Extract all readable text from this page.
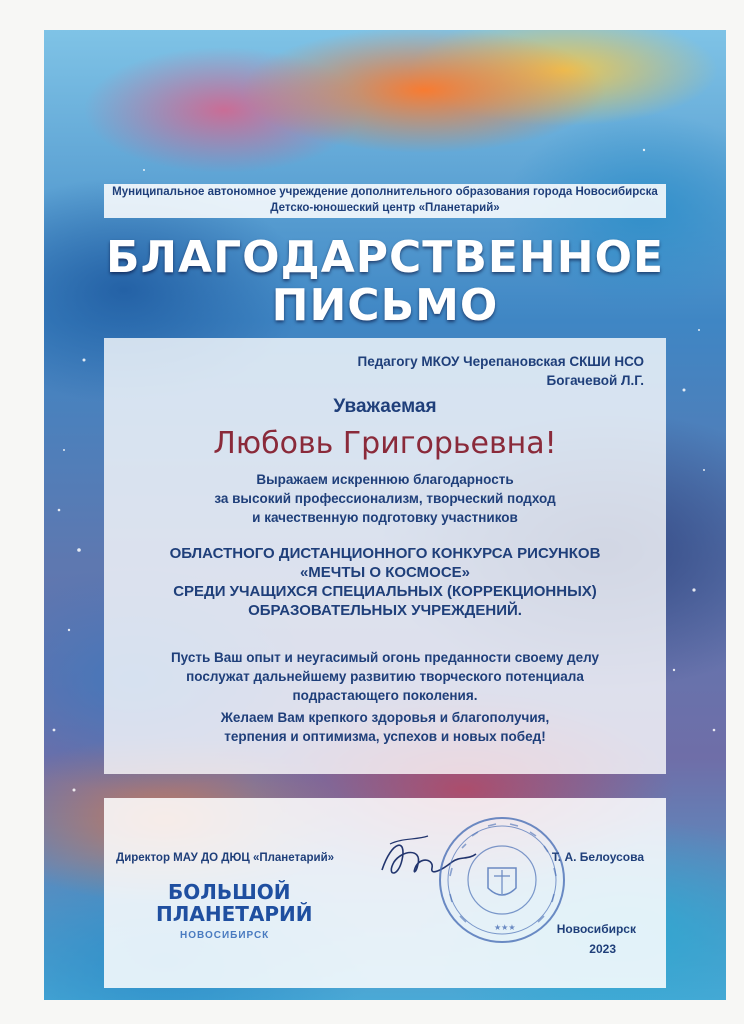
Муниципальное автономное учреждение дополнительного образования города Новосибирска
Детско-юношеский центр «Планетарий»
БЛАГОДАРСТВЕННОЕ
ПИСЬМО
Педагогу МКОУ Черепановская СКШИ НСО
Богачевой Л.Г.
Уважаемая
Любовь Григорьевна!
Выражаем искреннюю благодарность
за высокий профессионализм, творческий подход
и качественную подготовку участников
ОБЛАСТНОГО ДИСТАНЦИОННОГО КОНКУРСА РИСУНКОВ
«МЕЧТЫ О КОСМОСЕ»
СРЕДИ УЧАЩИХСЯ СПЕЦИАЛЬНЫХ (КОРРЕКЦИОННЫХ)
ОБРАЗОВАТЕЛЬНЫХ УЧРЕЖДЕНИЙ.
Пусть Ваш опыт и неугасимый огонь преданности своему делу
послужат дальнейшему развитию творческого потенциала
подрастающего поколения.
Желаем Вам крепкого здоровья и благополучия,
терпения и оптимизма, успехов и новых побед!
Директор МАУ ДО ДЮЦ «Планетарий»
★★★
Т. А. Белоусова
БОЛЬШОЙ
ПЛАНЕТАРИЙ
НОВОСИБИРСК	Новосибирск
2023
